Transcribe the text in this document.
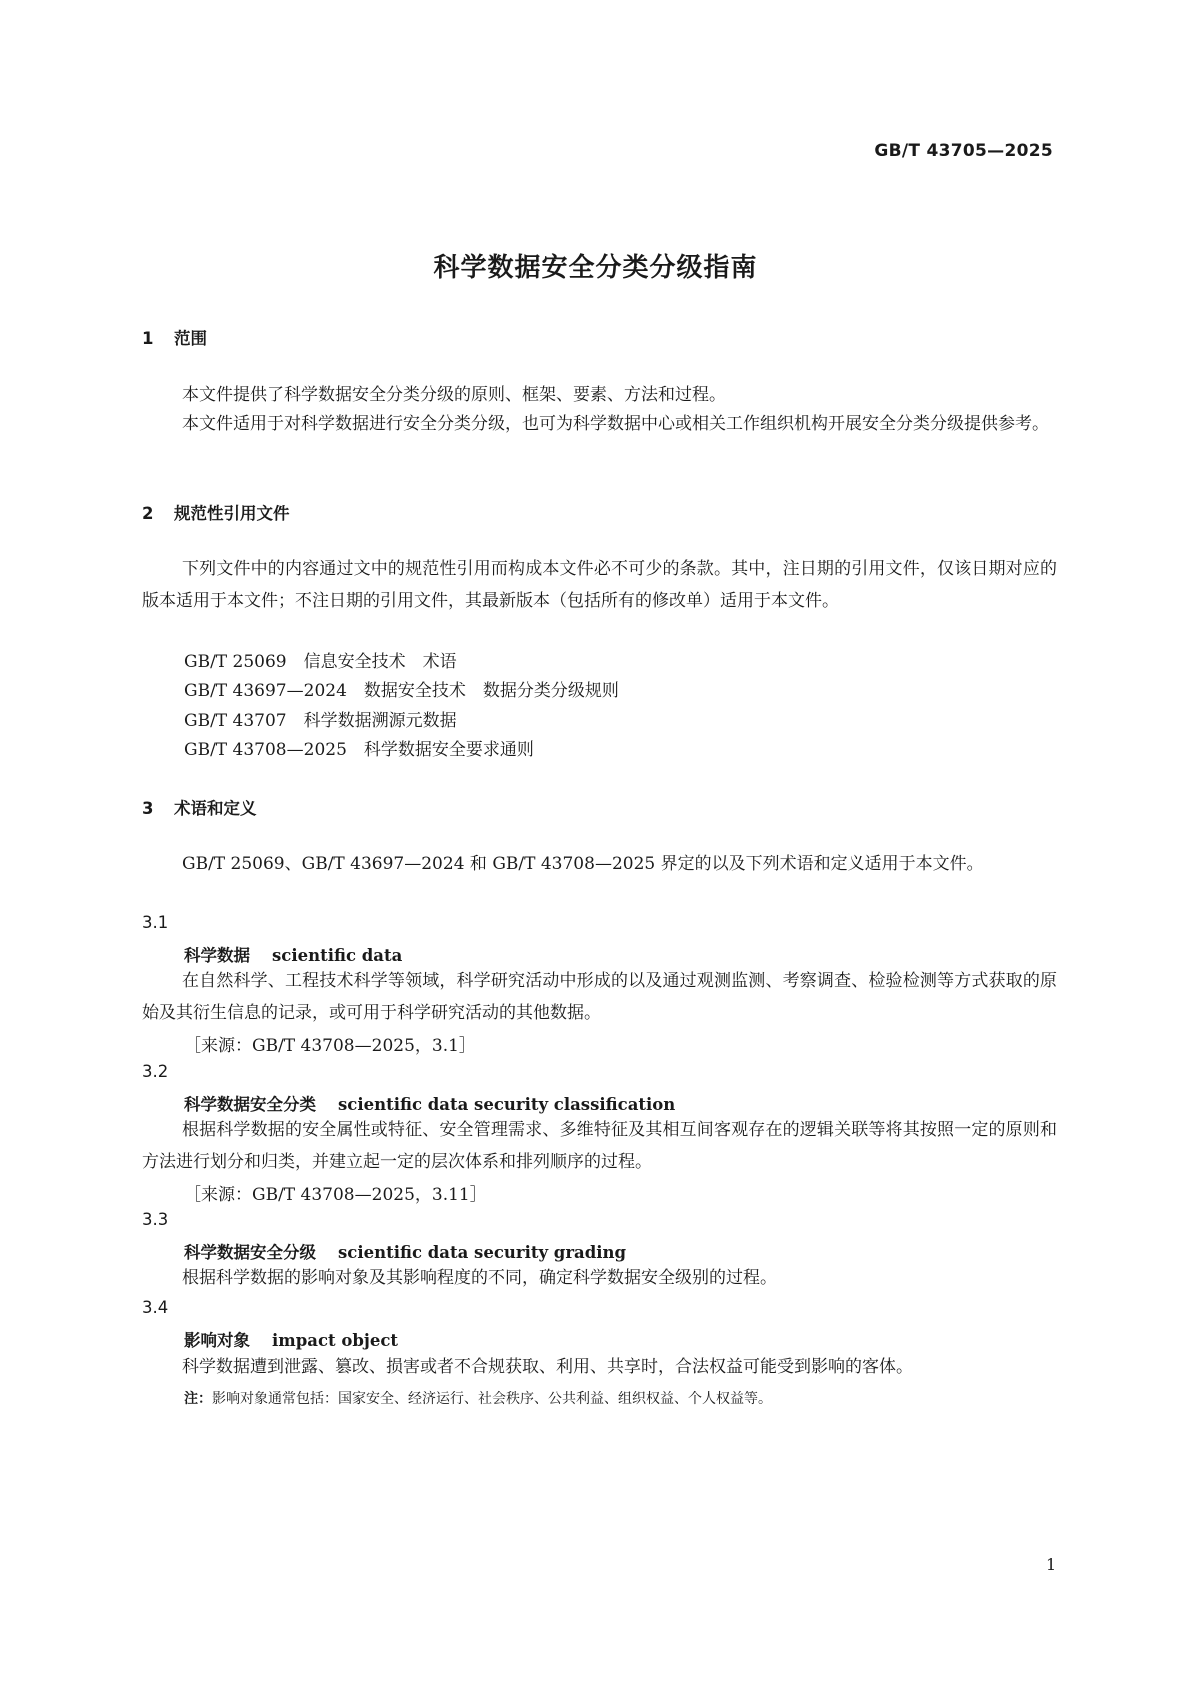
GB/T 43705—2025
科学数据安全分类分级指南
1 范围
本文件提供了科学数据安全分类分级的原则、框架、要素、方法和过程。
本文件适用于对科学数据进行安全分类分级，也可为科学数据中心或相关工作组织机构开展安全分类分级提供参考。
2 规范性引用文件
下列文件中的内容通过文中的规范性引用而构成本文件必不可少的条款。其中，注日期的引用文件，仅该日期对应的版本适用于本文件；不注日期的引用文件，其最新版本（包括所有的修改单）适用于本文件。
GB/T 25069　 信息安全技术　术语
GB/T 43697—2024　 数据安全技术　数据分类分级规则
GB/T 43707　 科学数据溯源元数据
GB/T 43708—2025　 科学数据安全要求通则
3 术语和定义
GB/T 25069、GB/T 43697—2024 和 GB/T 43708—2025 界定的以及下列术语和定义适用于本文件。
3.1
科学数据 scientific data
在自然科学、工程技术科学等领域，科学研究活动中形成的以及通过观测监测、考察调查、检验检测等方式获取的原始及其衍生信息的记录，或可用于科学研究活动的其他数据。
［来源：GB/T 43708—2025，3.1］
3.2
科学数据安全分类 scientific data security classification
根据科学数据的安全属性或特征、安全管理需求、多维特征及其相互间客观存在的逻辑关联等将其按照一定的原则和方法进行划分和归类，并建立起一定的层次体系和排列顺序的过程。
［来源：GB/T 43708—2025，3.11］
3.3
科学数据安全分级 scientific data security grading
根据科学数据的影响对象及其影响程度的不同，确定科学数据安全级别的过程。
3.4
影响对象 impact object
科学数据遭到泄露、篡改、损害或者不合规获取、利用、共享时，合法权益可能受到影响的客体。
注：影响对象通常包括：国家安全、经济运行、社会秩序、公共利益、组织权益、个人权益等。
1
